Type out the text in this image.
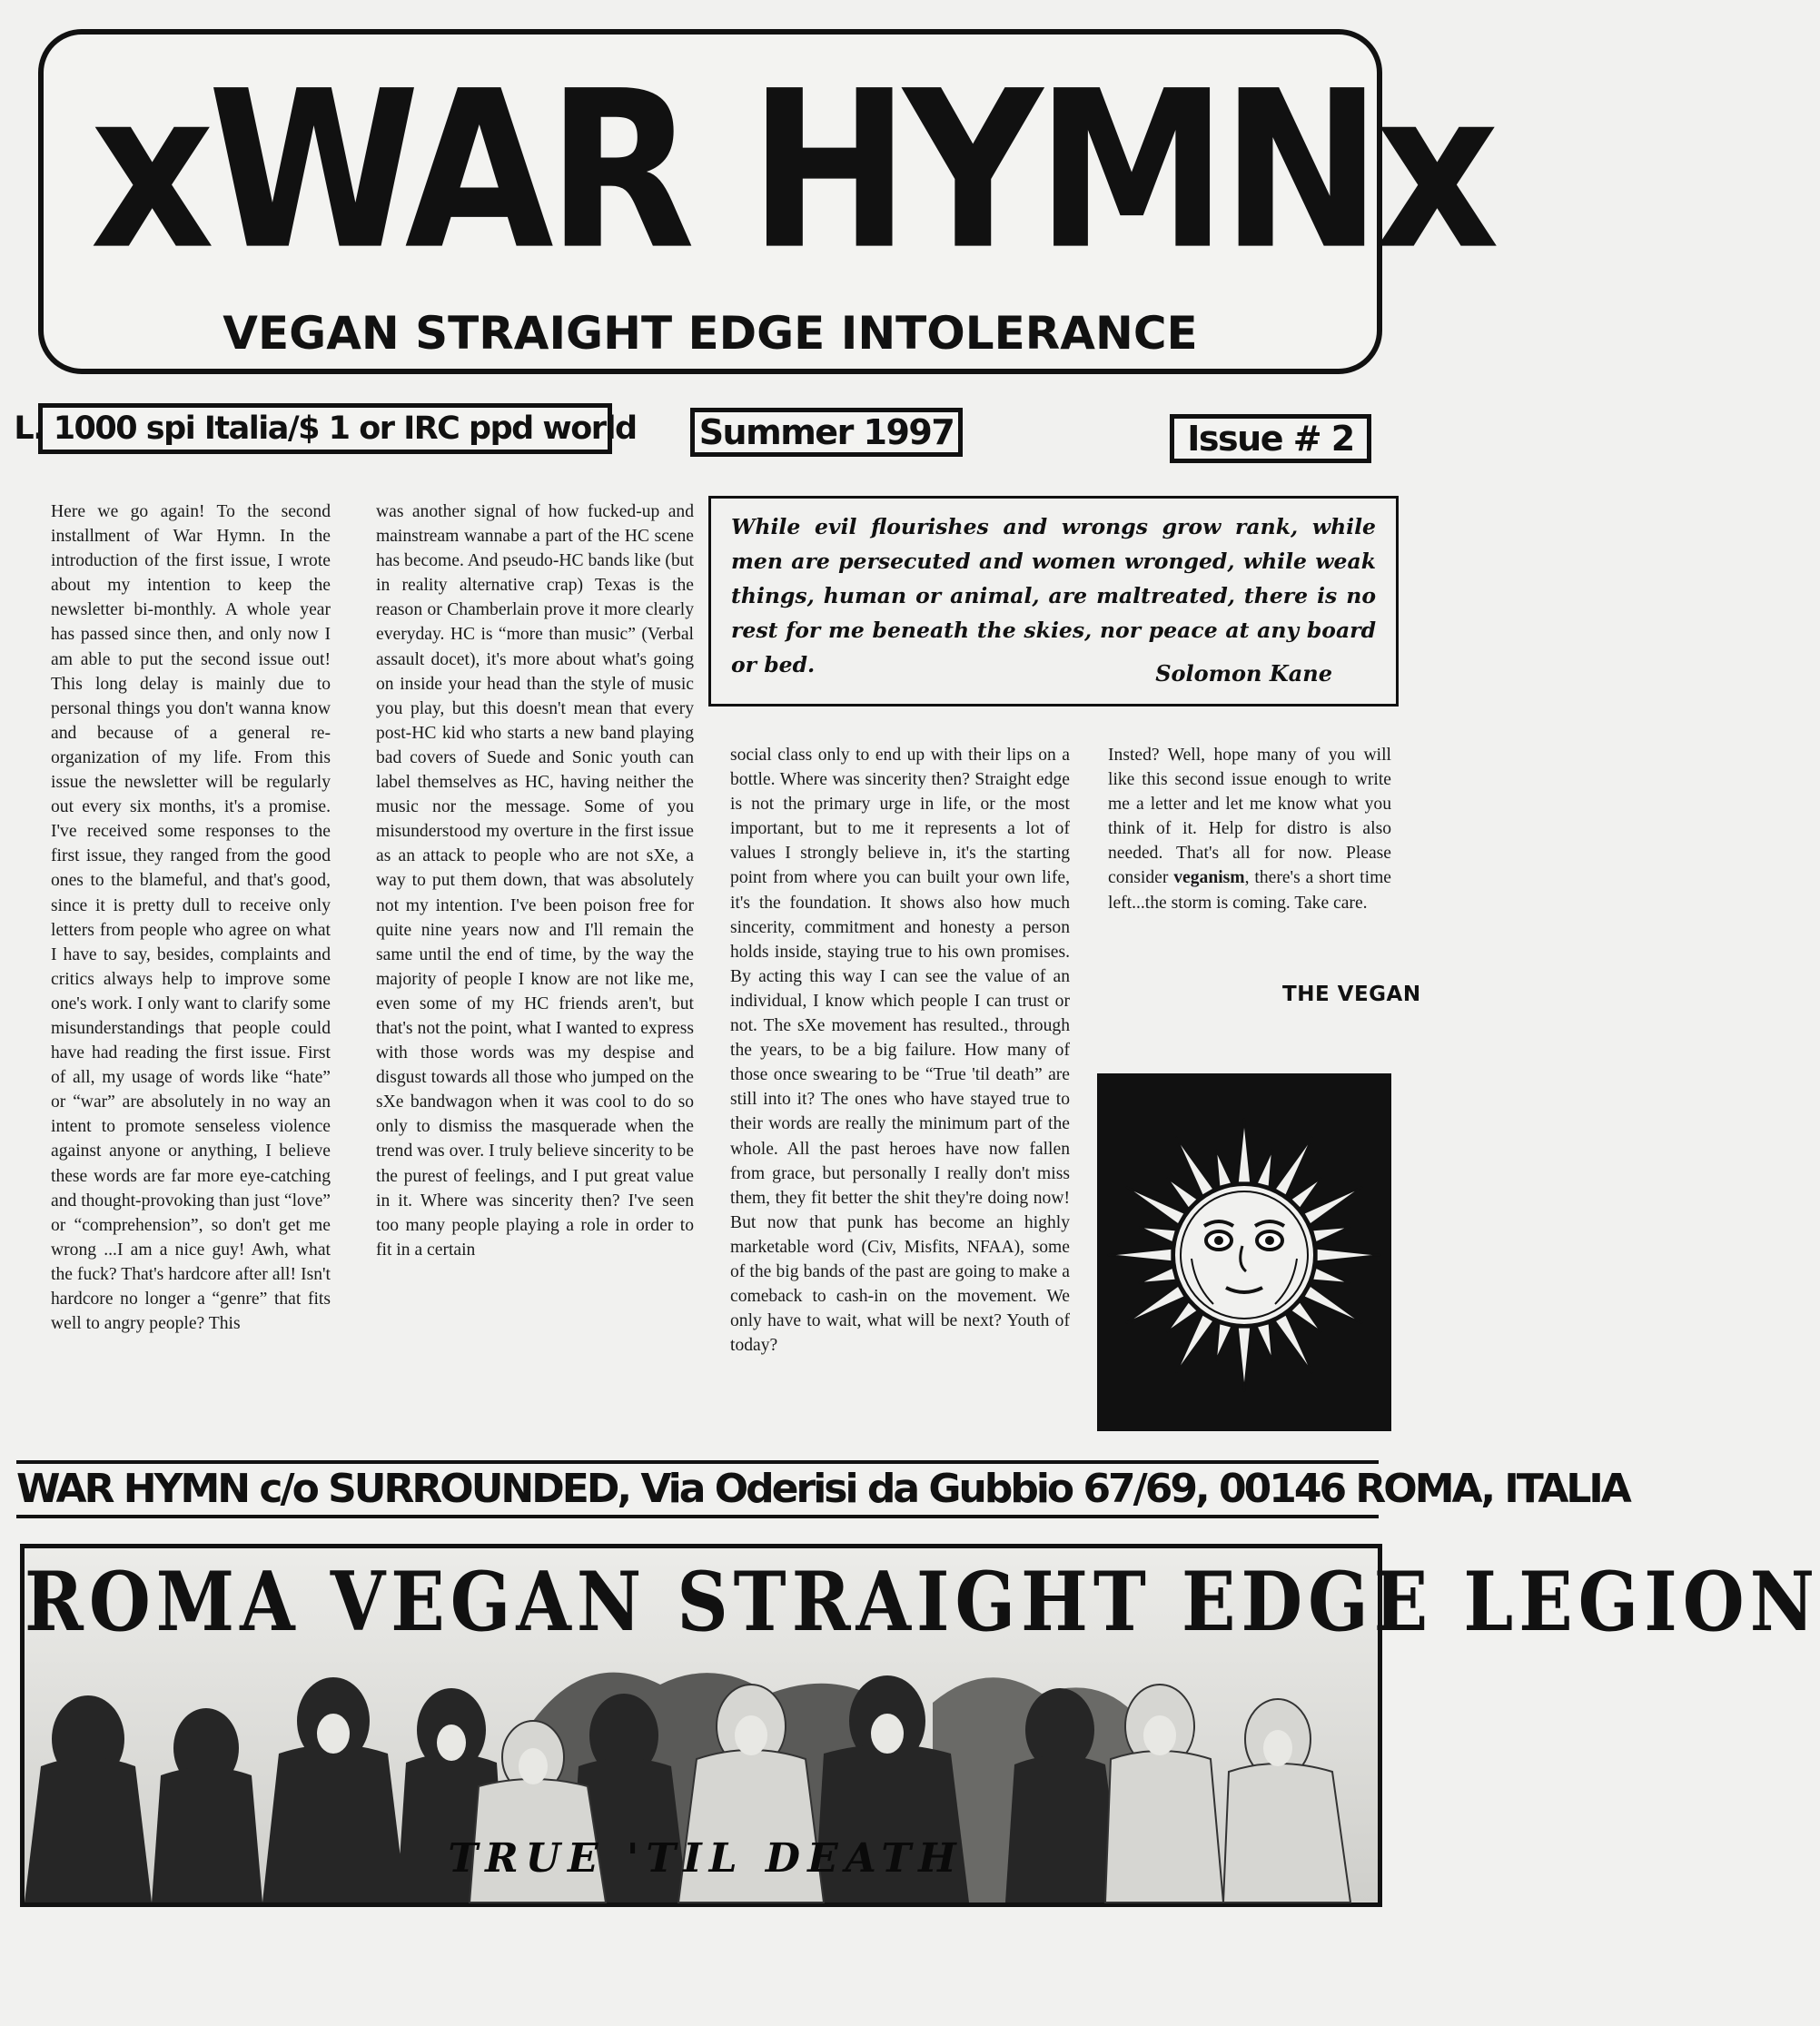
xWAR HYMNx
VEGAN STRAIGHT EDGE INTOLERANCE
L. 1000 spi Italia/$ 1 or IRC ppd world Summer 1997	Issue # 2

Here we go again! To the second installment of War Hymn. In the introduction of the first issue, I wrote about my intention to keep the newsletter bi-monthly. A whole year has passed since then, and only now I am able to put the second issue out! This long delay is mainly due to personal things you don't wanna know and because of a general re-organization of my life. From this issue the newsletter will be regularly out every six months, it's a promise. I've received some responses to the first issue, they ranged from the good ones to the blameful, and that's good, since it is pretty dull to receive only letters from people who agree on what I have to say, besides, complaints and critics always help to improve some one's work. I only want to clarify some misunderstandings that people could have had reading the first issue. First of all, my usage of words like “hate” or “war” are absolutely in no way an intent to promote senseless violence against anyone or anything, I believe these words are far more eye-catching and thought-provoking than just “love” or “comprehension”, so don't get me wrong ...I am a nice guy! Awh, what the fuck? That's hardcore after all! Isn't hardcore no longer a “genre” that fits well to angry people? This

was another signal of how fucked-up and mainstream wannabe a part of the HC scene has become. And pseudo-HC bands like (but in reality alternative crap) Texas is the reason or Chamberlain prove it more clearly everyday. HC is “more than music” (Verbal assault docet), it's more about what's going on inside your head than the style of music you play, but this doesn't mean that every post-HC kid who starts a new band playing bad covers of Suede and Sonic youth can label themselves as HC, having neither the music nor the message. Some of you misunderstood my overture in the first issue as an attack to people who are not sXe, a way to put them down, that was absolutely not my intention. I've been poison free for quite nine years now and I'll remain the same until the end of time, by the way the majority of people I know are not like me, even some of my HC friends aren't, but that's not the point, what I wanted to express with those words was my despise and disgust towards all those who jumped on the sXe bandwagon when it was cool to do so only to dismiss the masquerade when the trend was over. I truly believe sincerity to be the purest of feelings, and I put great value in it. Where was sincerity then? I've seen too many people playing a role in order to fit in a certain

While evil flourishes and wrongs grow rank, while men are persecuted and women wronged, while weak things, human or animal, are maltreated, there is no rest for me beneath the skies, nor peace at any board or bed.	Solomon Kane

social class only to end up with their lips on a bottle. Where was sincerity then? Straight edge is not the primary urge in life, or the most important, but to me it represents a lot of values I strongly believe in, it's the starting point from where you can built your own life, it's the foundation. It shows also how much sincerity, commitment and honesty a person holds inside, staying true to his own promises. By acting this way I can see the value of an individual, I know which people I can trust or not. The sXe movement has resulted., through the years, to be a big failure. How many of those once swearing to be “True 'til death” are still into it? The ones who have stayed true to their words are really the minimum part of the whole. All the past heroes have now fallen from grace, but personally I really don't miss them, they fit better the shit they're doing now! But now that punk has become an highly marketable word (Civ, Misfits, NFAA), some of the big bands of the past are going to make a comeback to cash-in on the movement. We only have to wait, what will be next? Youth of today?

Insted? Well, hope many of you will like this second issue enough to write me a letter and let me know what you think of it. Help for distro is also needed. That's all for now. Please consider veganism, there's a short time left...the storm is coming. Take care.

THE VEGAN
WAR HYMN c/o SURROUNDED, Via Oderisi da Gubbio 67/69, 00146 ROMA, ITALIA
ROMA VEGAN STRAIGHT EDGE LEGION
TRUE 'TIL DEATH
